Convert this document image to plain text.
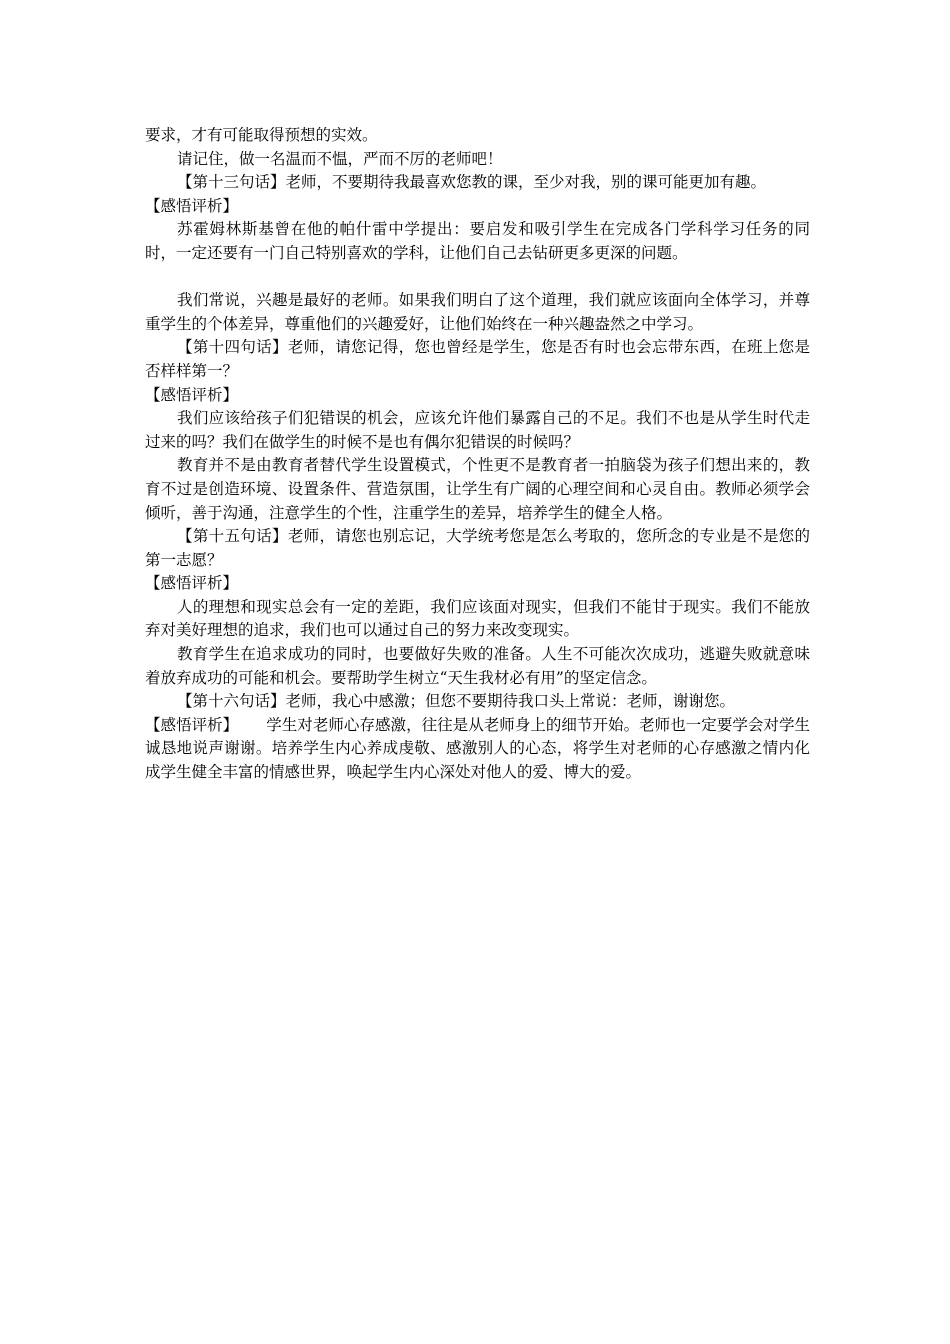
要求，才有可能取得预想的实效。

请记住，做一名温而不愠，严而不厉的老师吧！

【第十三句话】老师，不要期待我最喜欢您教的课，至少对我，别的课可能更加有趣。

【感悟评析】

苏霍姆林斯基曾在他的帕什雷中学提出：要启发和吸引学生在完成各门学科学习任务的同时，一定还要有一门自己特别喜欢的学科，让他们自己去钻研更多更深的问题。

我们常说，兴趣是最好的老师。如果我们明白了这个道理，我们就应该面向全体学习，并尊重学生的个体差异，尊重他们的兴趣爱好，让他们始终在一种兴趣盎然之中学习。

【第十四句话】老师，请您记得，您也曾经是学生，您是否有时也会忘带东西，在班上您是否样样第一？

【感悟评析】

我们应该给孩子们犯错误的机会，应该允许他们暴露自己的不足。我们不也是从学生时代走过来的吗？我们在做学生的时候不是也有偶尔犯错误的时候吗？

教育并不是由教育者替代学生设置模式，个性更不是教育者一拍脑袋为孩子们想出来的，教育不过是创造环境、设置条件、营造氛围，让学生有广阔的心理空间和心灵自由。教师必须学会倾听，善于沟通，注意学生的个性，注重学生的差异，培养学生的健全人格。

【第十五句话】老师，请您也别忘记，大学统考您是怎么考取的，您所念的专业是不是您的第一志愿？

【感悟评析】

人的理想和现实总会有一定的差距，我们应该面对现实，但我们不能甘于现实。我们不能放弃对美好理想的追求，我们也可以通过自己的努力来改变现实。

教育学生在追求成功的同时，也要做好失败的准备。人生不可能次次成功，逃避失败就意味着放弃成功的可能和机会。要帮助学生树立“天生我材必有用”的坚定信念。

【第十六句话】老师，我心中感激；但您不要期待我口头上常说：老师，谢谢您。

【感悟评析】 学生对老师心存感激，往往是从老师身上的细节开始。老师也一定要学会对学生诚恳地说声谢谢。培养学生内心养成虔敬、感激别人的心态，将学生对老师的心存感激之情内化成学生健全丰富的情感世界，唤起学生内心深处对他人的爱、博大的爱。
